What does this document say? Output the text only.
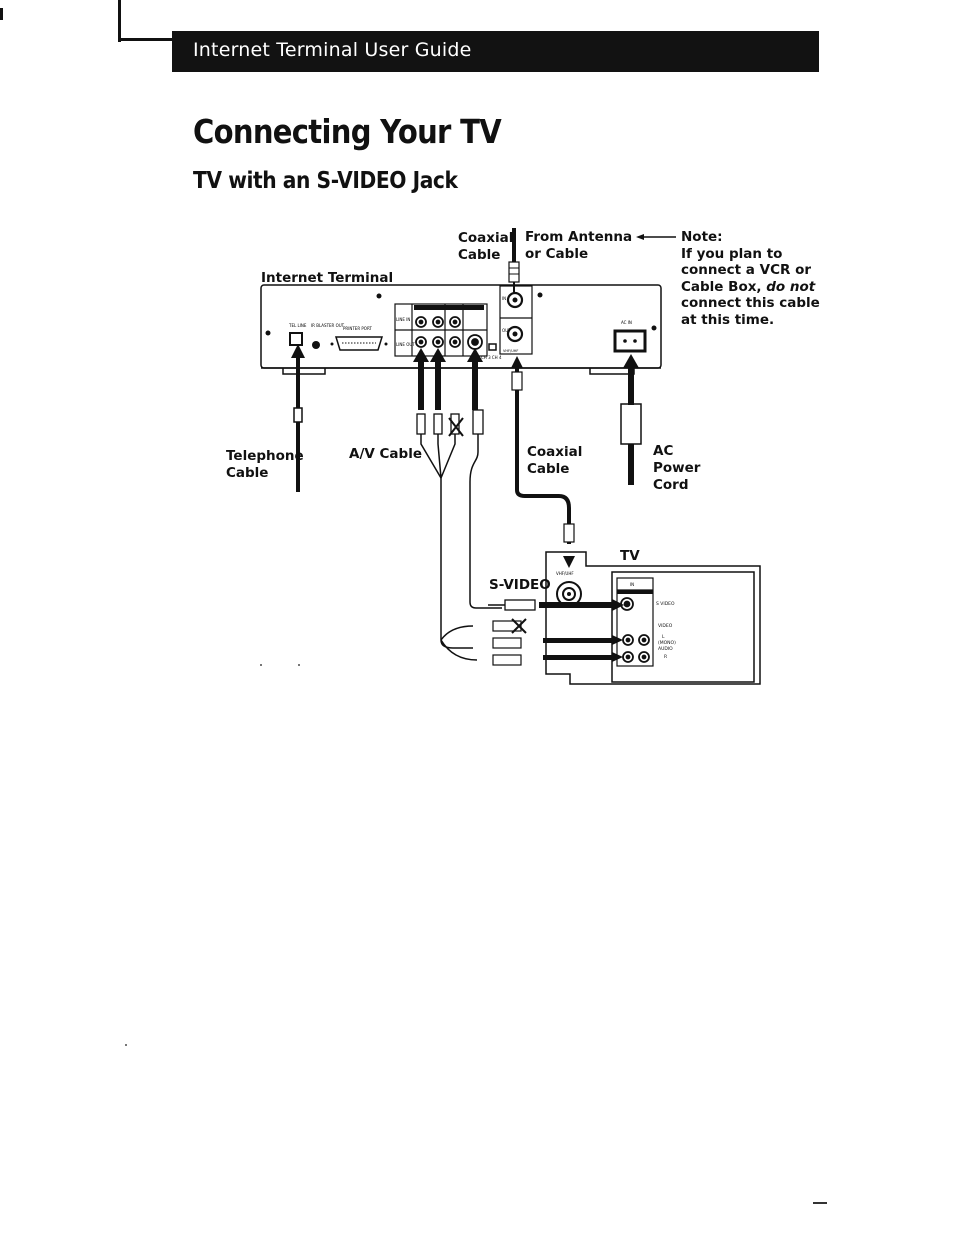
Internet Terminal User Guide
Connecting Your TV
TV with an S-VIDEO Jack
TEL LINE IR BLASTER OUT
PRINTER PORT
LINE IN
LINE OUT
OUT
IN
CH 3 CH 4
VHF/UHF
AC IN
VHF/UHF
IN
S VIDEO
VIDEO
L
(MONO)
AUDIO
R
Coaxial
Cable
From Antenna
or Cable
Note:
If you plan to
connect a VCR or
Cable Box, do not
connect this cable
at this time.
Internet Terminal
Telephone
Cable
A/V Cable	Coaxial
Cable
AC
Power
Cord
TV
S-VIDEO
